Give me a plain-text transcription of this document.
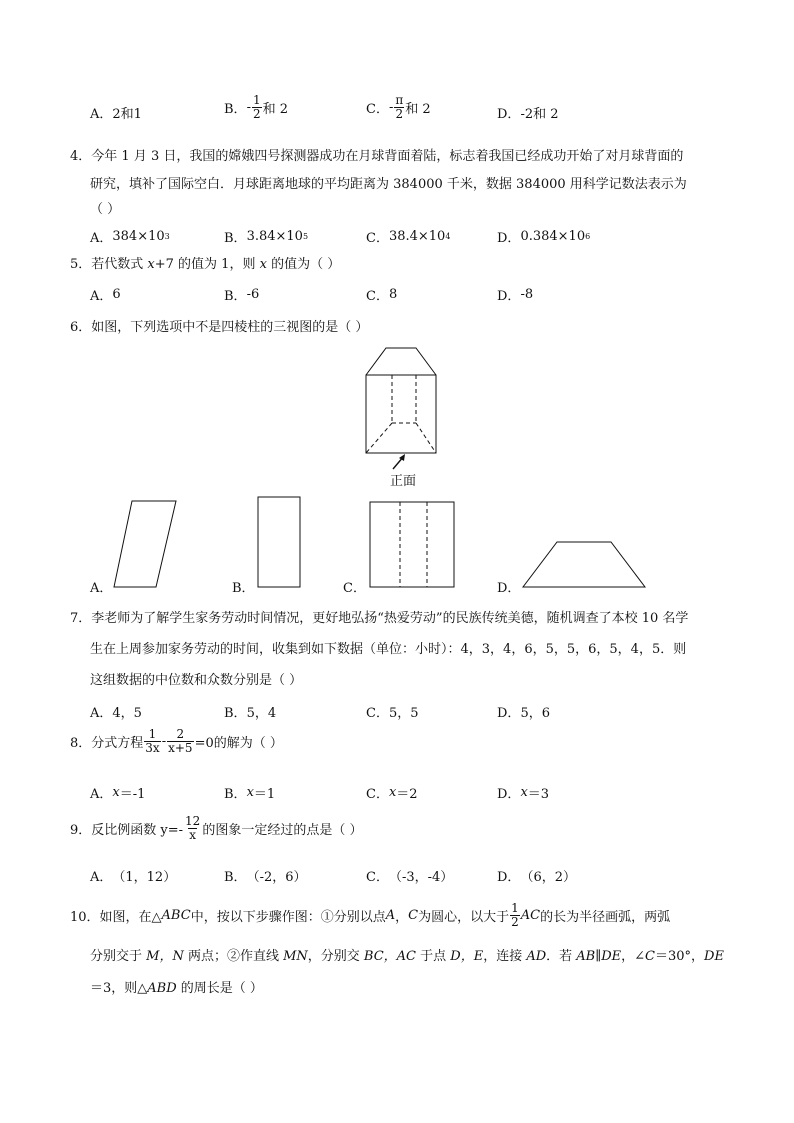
A． 2和1	B． - $\frac{1}{2}$ 和 2	C． - $\frac{\pi}{2}$ 和 2	D． -2和 2
4．今年 1 月 3 日，我国的嫦娥四号探测器成功在月球背面着陆，标志着我国已经成功开始了对月球背面的
研究，填补了国际空白．月球距离地球的平均距离为 384000 千米，数据 384000 用科学记数法表示为
（ ）
A． 384×10 3	B． 3.84×10 5	C． 38.4×10 4	D． 0.384×10 6
5．若代数式 x+7 的值为 1，则 x 的值为（ ）
A． 6	B． -6	C． 8	D． -8
6．如图，下列选项中不是四棱柱的三视图的是（ ）
正面
A．	B．	C．	D．
7．李老师为了解学生家务劳动时间情况，更好地弘扬“热爱劳动”的民族传统美德，随机调查了本校 10 名学
生在上周参加家务劳动的时间，收集到如下数据（单位：小时）：4，3，4，6，5，5，6，5，4，5．则
这组数据的中位数和众数分别是（ ）
A． 4，5	B． 5，4	C． 5，5	D． 5，6
8．分式方程 $\frac{1}{3x} - \frac{2}{x+5} =0$的解为（ ）
A． x ＝-1	B． x ＝1	C． x ＝2	D． x ＝3
9．反比例函数 $y=- \frac{12}{x}$ 的图象一定经过的点是（ ）
A． （1，12）	B． （-2，6）	C． （-3，-4）	D． （6，2）
10．如图，在△ ABC 中，按以下步骤作图：①分别以点 A ， C 为圆心，以大于 $\frac{1}{2}$ AC 的长为半径画弧，两弧
分别交于 M，N 两点；②作直线 MN，分别交 BC，AC 于点 D，E，连接 AD．若 AB∥DE，∠C＝30°，DE
＝3，则△ABD 的周长是（ ）
